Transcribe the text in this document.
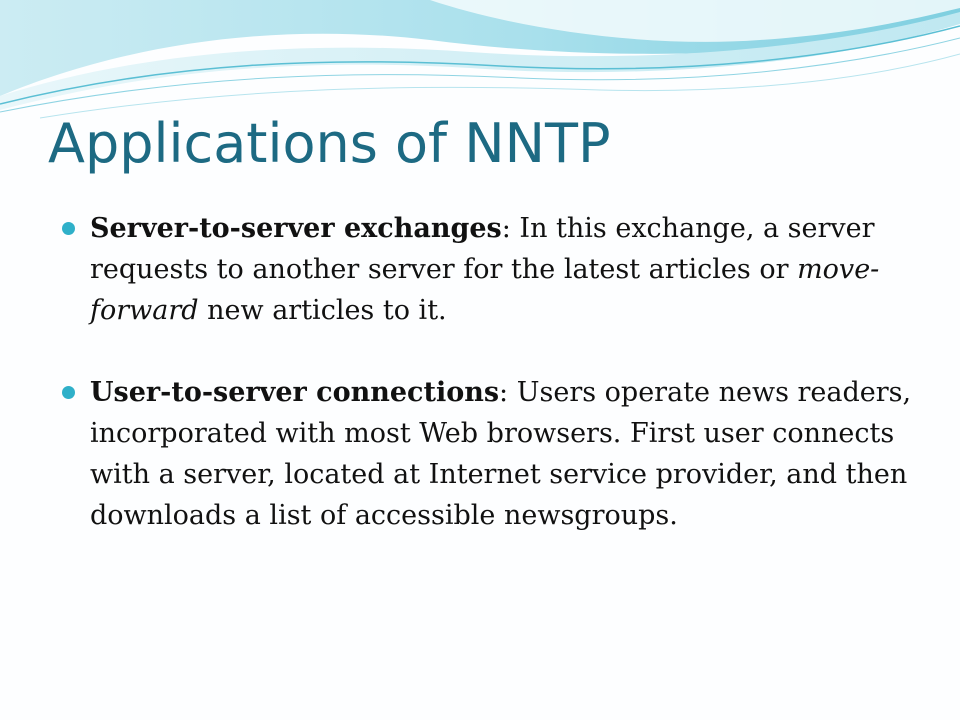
Applications of NNTP
Server-to-server exchanges: In this exchange, a server requests to another server for the latest articles or move-forward new articles to it.
User-to-server connections: Users operate news readers, incorporated with most Web browsers. First user connects with a server, located at Internet service provider, and then downloads a list of accessible newsgroups.
